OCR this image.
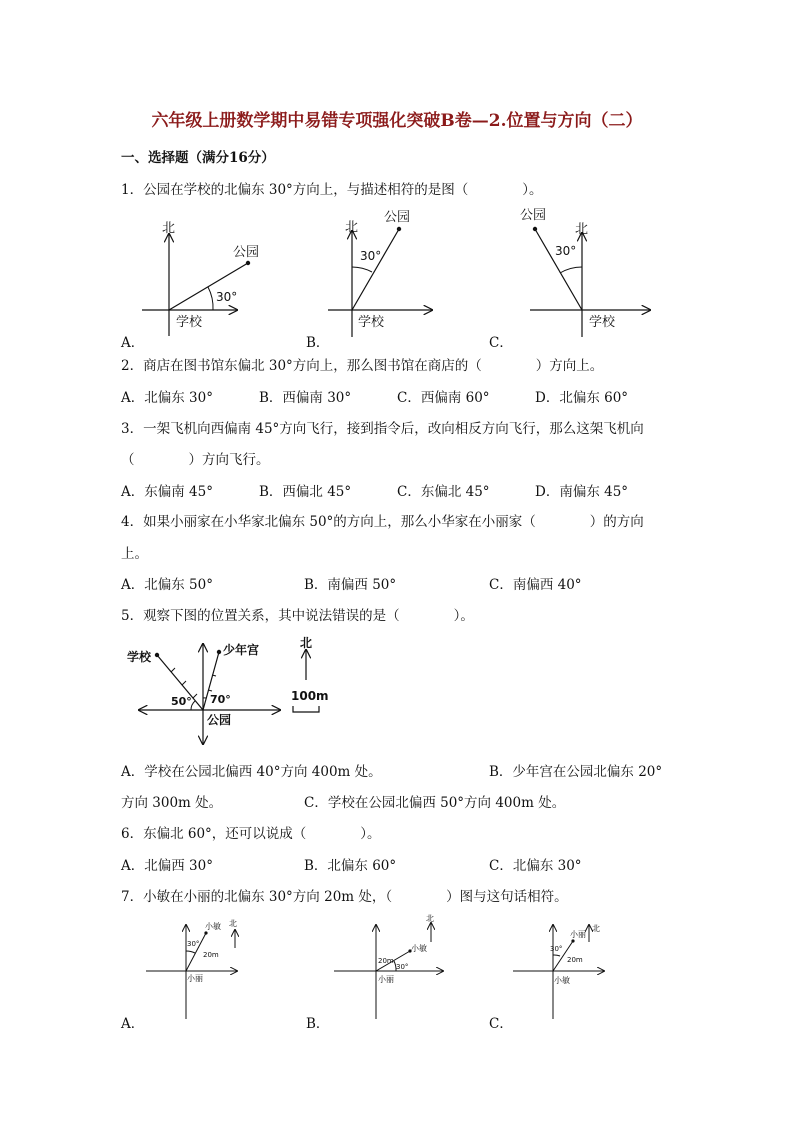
六年级上册数学期中易错专项强化突破B卷—2.位置与方向（二）
一、选择题（满分16分）
1．公园在学校的北偏东 30°方向上，与描述相符的是图（　　　　）。
北
公园
30°
学校
A．
北
公园
30°
学校
B．
北
公园
30°
学校
C．
2．商店在图书馆东偏北 30°方向上，那么图书馆在商店的（　　　　）方向上。
A．北偏东 30°	B．西偏南 30°	C．西偏南 60°	D．北偏东 60°
3．一架飞机向西偏南 45°方向飞行，接到指令后，改向相反方向飞行，那么这架飞机向
（　　　　）方向飞行。
A．东偏南 45°	B．西偏北 45°	C．东偏北 45°	D．南偏东 45°
4．如果小丽家在小华家北偏东 50°的方向上，那么小华家在小丽家（　　　　）的方向
上。
A．北偏东 50°	B．南偏西 50°	C．南偏西 40°
5．观察下图的位置关系，其中说法错误的是（　　　　）。
学校	少年宫
50° 70°
公园
北
100m
A．学校在公园北偏西 40°方向 400m 处。	B．少年宫在公园北偏东 20°
方向 300m 处。	C．学校在公园北偏西 50°方向 400m 处。
6．东偏北 60°，还可以说成（　　　　）。
A．北偏西 30°	B．北偏东 60°	C．北偏东 30°
7．小敏在小丽的北偏东 30°方向 20m 处，（　　　　）图与这句话相符。
北
小敏
30°
20m
小丽
A．
北
小敏
20m
30°
小丽
B．
北
小丽
30°
20m
小敏
C．
